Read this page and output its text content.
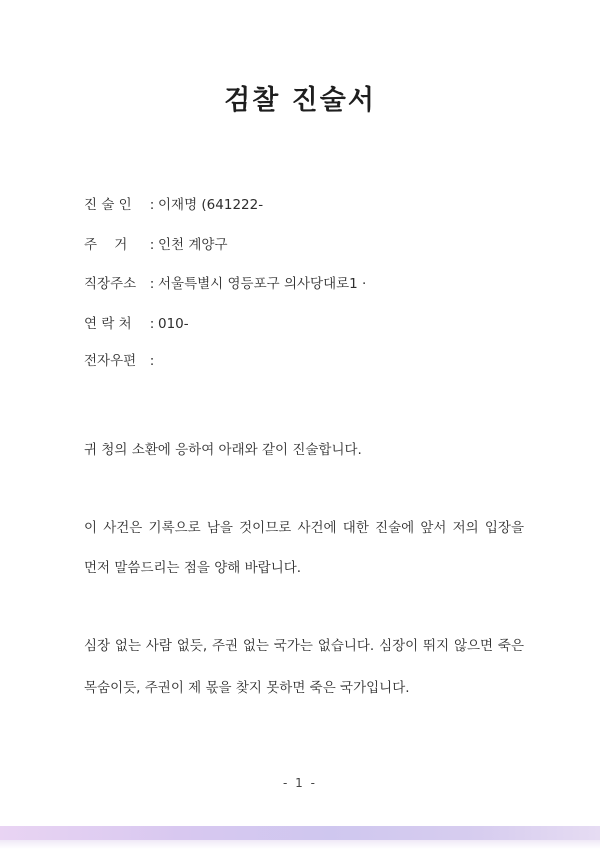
검찰 진술서
진 술 인 : 이재명 (641222-
주    거 : 인천 계양구
직장주소 : 서울특별시 영등포구 의사당대로1 ·
연 락 처 : 010-
전자우편 :
귀 청의 소환에 응하여 아래와 같이 진술합니다.
이 사건은 기록으로 남을 것이므로 사건에 대한 진술에 앞서 저의 입장을
먼저 말씀드리는 점을 양해 바랍니다.
심장 없는 사람 없듯, 주권 없는 국가는 없습니다. 심장이 뛰지 않으면 죽은
목숨이듯, 주권이 제 몫을 찾지 못하면 죽은 국가입니다.
- 1 -
